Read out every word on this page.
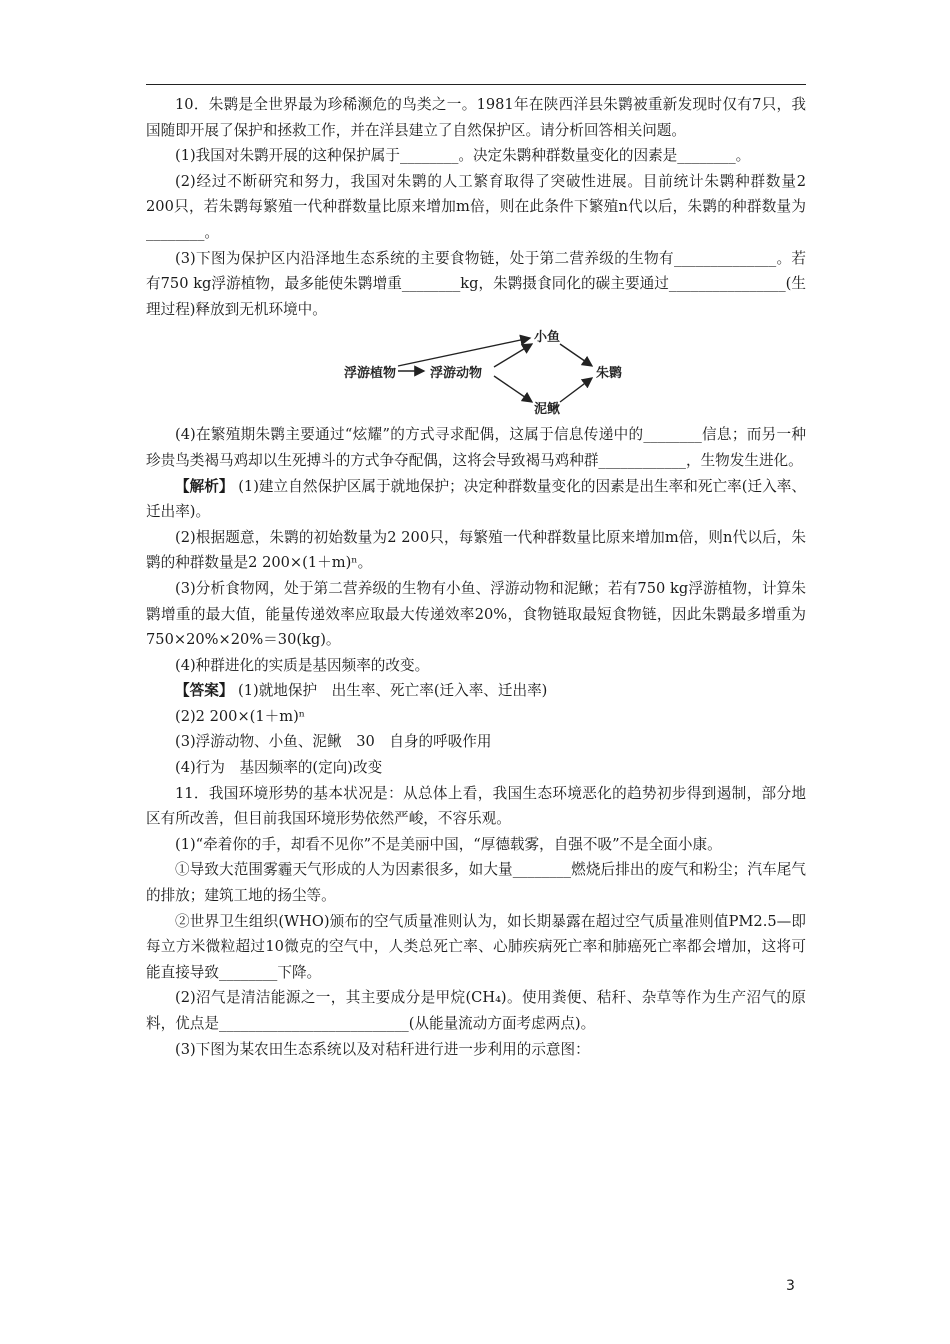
10．朱鹮是全世界最为珍稀濒危的鸟类之一。1981年在陕西洋县朱鹮被重新发现时仅有7只，我国随即开展了保护和拯救工作，并在洋县建立了自然保护区。请分析回答相关问题。

(1)我国对朱鹮开展的这种保护属于________。决定朱鹮种群数量变化的因素是________。

(2)经过不断研究和努力，我国对朱鹮的人工繁育取得了突破性进展。目前统计朱鹮种群数量2 200只，若朱鹮每繁殖一代种群数量比原来增加m倍，则在此条件下繁殖n代以后，朱鹮的种群数量为________。

(3)下图为保护区内沿泽地生态系统的主要食物链，处于第二营养级的生物有______________。若有750 kg浮游植物，最多能使朱鹮增重________kg，朱鹮摄食同化的碳主要通过________________(生理过程)释放到无机环境中。

浮游植物	浮游动物
小鱼
泥鳅
朱鹮

(4)在繁殖期朱鹮主要通过“炫耀”的方式寻求配偶，这属于信息传递中的________信息；而另一种珍贵鸟类褐马鸡却以生死搏斗的方式争夺配偶，这将会导致褐马鸡种群____________，生物发生进化。

【解析】 (1)建立自然保护区属于就地保护；决定种群数量变化的因素是出生率和死亡率(迁入率、迁出率)。

(2)根据题意，朱鹮的初始数量为2 200只，每繁殖一代种群数量比原来增加m倍，则n代以后，朱鹮的种群数量是2 200×(1＋m)ⁿ。

(3)分析食物网，处于第二营养级的生物有小鱼、浮游动物和泥鳅；若有750 kg浮游植物，计算朱鹮增重的最大值，能量传递效率应取最大传递效率20%，食物链取最短食物链，因此朱鹮最多增重为750×20%×20%＝30(kg)。

(4)种群进化的实质是基因频率的改变。

【答案】 (1)就地保护　出生率、死亡率(迁入率、迁出率)

(2)2 200×(1＋m)ⁿ

(3)浮游动物、小鱼、泥鳅　30　自身的呼吸作用

(4)行为　基因频率的(定向)改变

11．我国环境形势的基本状况是：从总体上看，我国生态环境恶化的趋势初步得到遏制，部分地区有所改善，但目前我国环境形势依然严峻，不容乐观。

(1)“牵着你的手，却看不见你”不是美丽中国，“厚德载雾，自强不吸”不是全面小康。

①导致大范围雾霾天气形成的人为因素很多，如大量________燃烧后排出的废气和粉尘；汽车尾气的排放；建筑工地的扬尘等。

②世界卫生组织(WHO)颁布的空气质量准则认为，如长期暴露在超过空气质量准则值PM2.5—即每立方米微粒超过10微克的空气中，人类总死亡率、心肺疾病死亡率和肺癌死亡率都会增加，这将可能直接导致________下降。

(2)沼气是清洁能源之一，其主要成分是甲烷(CH₄)。使用粪便、秸秆、杂草等作为生产沼气的原料，优点是__________________________(从能量流动方面考虑两点)。

(3)下图为某农田生态系统以及对秸秆进行进一步利用的示意图：

3
